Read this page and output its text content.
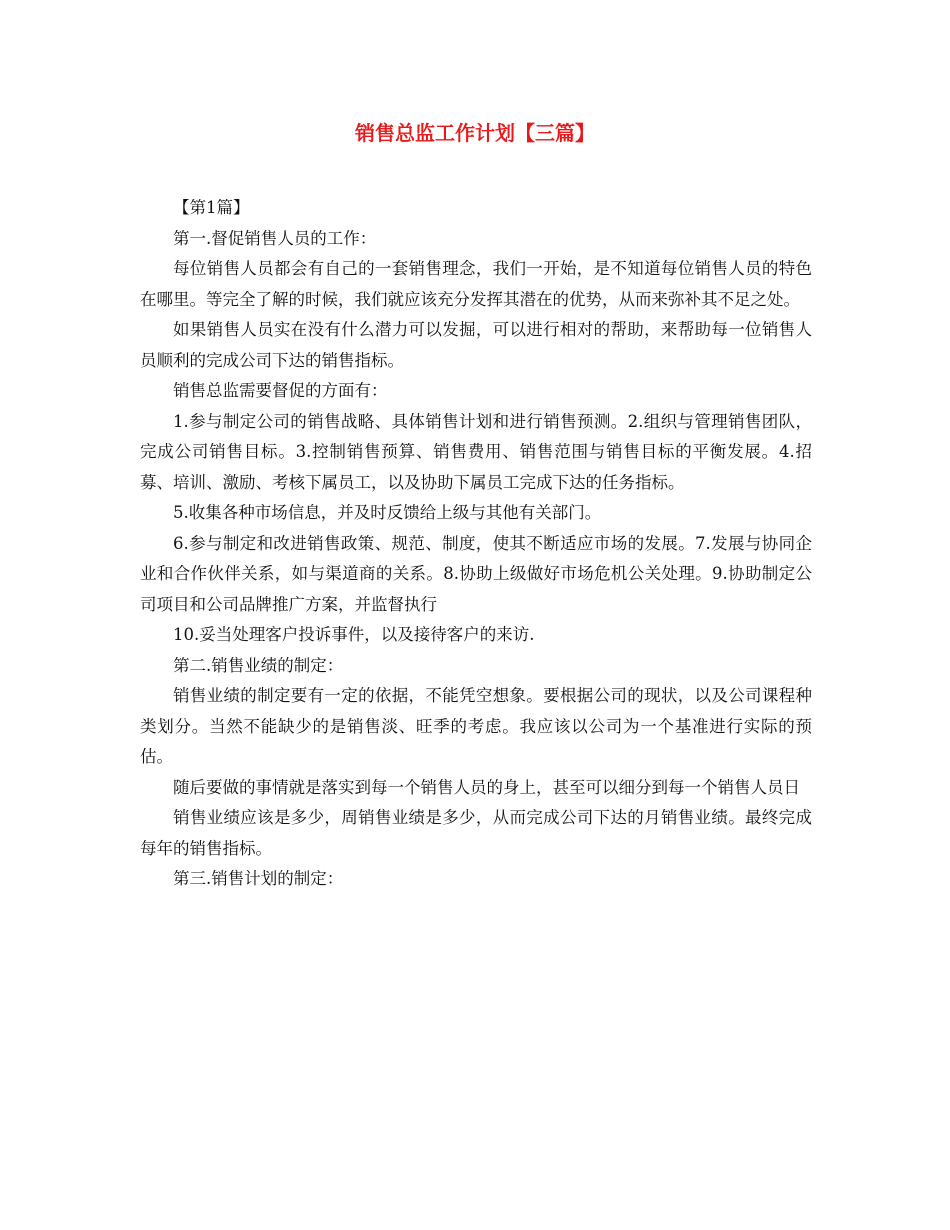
销售总监工作计划【三篇】

【第1篇】

第一.督促销售人员的工作：

每位销售人员都会有自己的一套销售理念，我们一开始，是不知道每位销售人员的特色在哪里。等完全了解的时候，我们就应该充分发挥其潜在的优势，从而来弥补其不足之处。

如果销售人员实在没有什么潜力可以发掘，可以进行相对的帮助，来帮助每一位销售人员顺利的完成公司下达的销售指标。

销售总监需要督促的方面有：

1.参与制定公司的销售战略、具体销售计划和进行销售预测。2.组织与管理销售团队，完成公司销售目标。3.控制销售预算、销售费用、销售范围与销售目标的平衡发展。4.招募、培训、激励、考核下属员工，以及协助下属员工完成下达的任务指标。

5.收集各种市场信息，并及时反馈给上级与其他有关部门。

6.参与制定和改进销售政策、规范、制度，使其不断适应市场的发展。7.发展与协同企业和合作伙伴关系，如与渠道商的关系。8.协助上级做好市场危机公关处理。9.协助制定公司项目和公司品牌推广方案，并监督执行

10.妥当处理客户投诉事件，以及接待客户的来访.

第二.销售业绩的制定：

销售业绩的制定要有一定的依据，不能凭空想象。要根据公司的现状，以及公司课程种类划分。当然不能缺少的是销售淡、旺季的考虑。我应该以公司为一个基准进行实际的预估。

随后要做的事情就是落实到每一个销售人员的身上，甚至可以细分到每一个销售人员日

销售业绩应该是多少，周销售业绩是多少，从而完成公司下达的月销售业绩。最终完成每年的销售指标。

第三.销售计划的制定：
